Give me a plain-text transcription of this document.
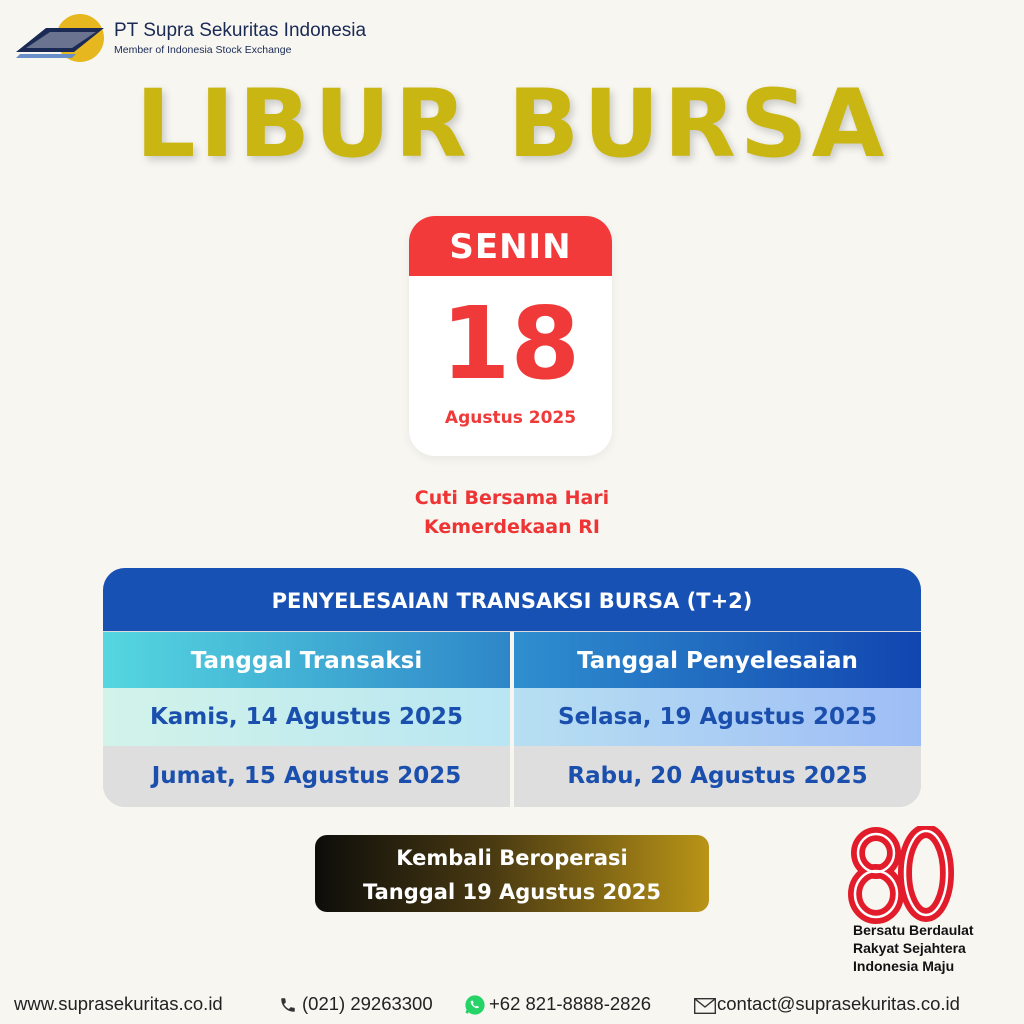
PT Supra Sekuritas Indonesia
Member of Indonesia Stock Exchange
LIBUR BURSA
SENIN
18
Agustus 2025
Cuti Bersama Hari
Kemerdekaan RI
PENYELESAIAN TRANSAKSI BURSA (T+2)
Tanggal Transaksi	Tanggal Penyelesaian
Kamis, 14 Agustus 2025	Selasa, 19 Agustus 2025
Jumat, 15 Agustus 2025	Rabu, 20 Agustus 2025
Kembali Beroperasi
Tanggal 19 Agustus 2025
Bersatu Berdaulat
Rakyat Sejahtera
Indonesia Maju
www.suprasekuritas.co.id	(021) 29263300	+62 821-8888-2826	contact@suprasekuritas.co.id
